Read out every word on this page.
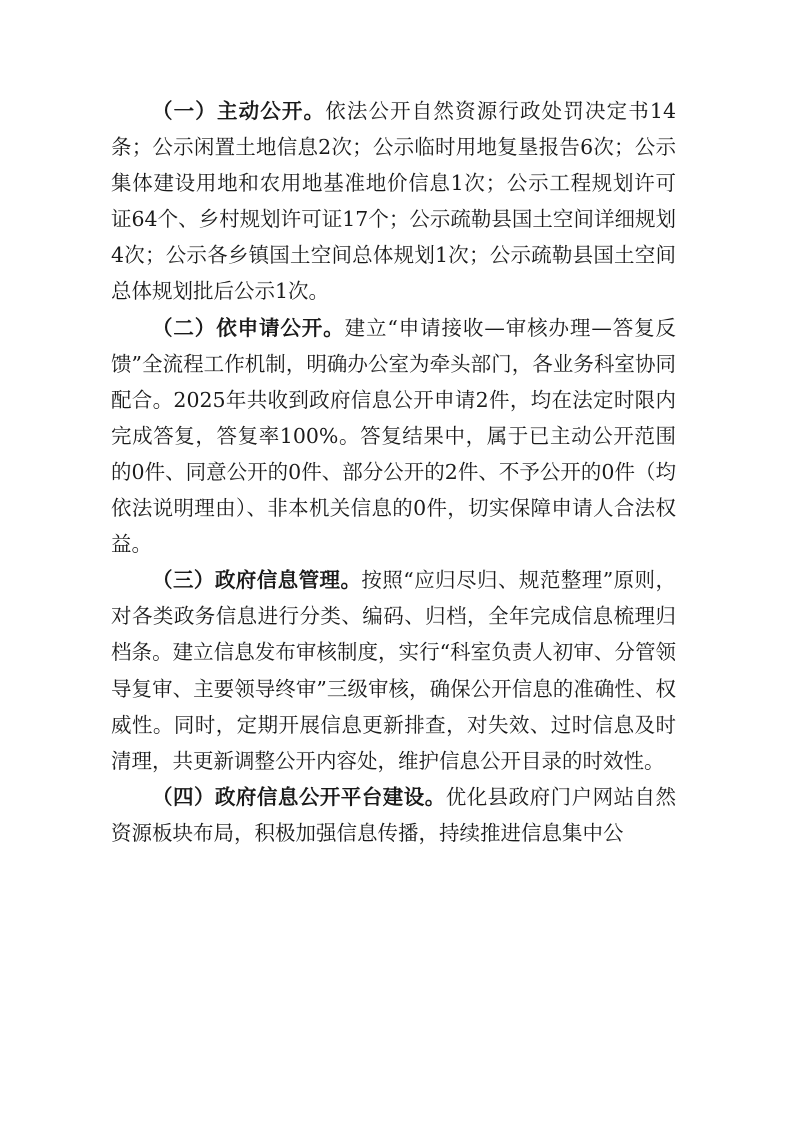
（一）主动公开。依法公开自然资源行政处罚决定书14条；公示闲置土地信息2次；公示临时用地复垦报告6次；公示集体建设用地和农用地基准地价信息1次；公示工程规划许可证64个、乡村规划许可证17个；公示疏勒县国土空间详细规划4次；公示各乡镇国土空间总体规划1次；公示疏勒县国土空间总体规划批后公示1次。

（二）依申请公开。建立“申请接收—审核办理—答复反馈”全流程工作机制，明确办公室为牵头部门，各业务科室协同配合。2025年共收到政府信息公开申请2件，均在法定时限内完成答复，答复率100%。答复结果中，属于已主动公开范围的0件、同意公开的0件、部分公开的2件、不予公开的0件（均依法说明理由）、非本机关信息的0件，切实保障申请人合法权益。

（三）政府信息管理。按照“应归尽归、规范整理”原则，对各类政务信息进行分类、编码、归档，全年完成信息梳理归档条。建立信息发布审核制度，实行“科室负责人初审、分管领导复审、主要领导终审”三级审核，确保公开信息的准确性、权威性。同时，定期开展信息更新排查，对失效、过时信息及时清理，共更新调整公开内容处，维护信息公开目录的时效性。

（四）政府信息公开平台建设。优化县政府门户网站自然资源板块布局，积极加强信息传播，持续推进信息集中公
